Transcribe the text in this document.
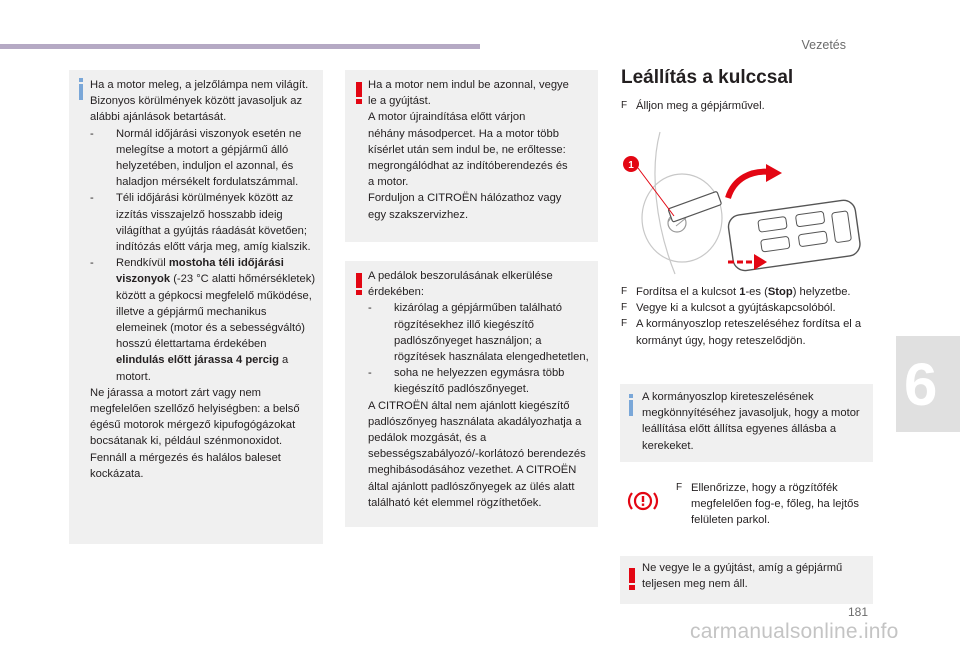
Vezetés
Ha a motor meleg, a jelzőlámpa nem világít. Bizonyos körülmények között javasoljuk az alábbi ajánlások betartását.
- Normál időjárási viszonyok esetén ne melegítse a motort a gépjármű álló helyzetében, induljon el azonnal, és haladjon mérsékelt fordulatszámmal.
- Téli időjárási körülmények között az izzítás visszajelző hosszabb ideig világíthat a gyújtás ráadását követően; indítózás előtt várja meg, amíg kialszik.
- Rendkívül mostoha téli időjárási viszonyok (-23 °C alatti hőmérsékletek) között a gépkocsi megfelelő működése, illetve a gépjármű mechanikus elemeinek (motor és a sebességváltó) hosszú élettartama érdekében elindulás előtt járassa 4 percig a motort.
Ne járassa a motort zárt vagy nem megfelelően szellőző helyiségben: a belső égésű motorok mérgező kipufogógázokat bocsátanak ki, például szénmonoxidot. Fennáll a mérgezés és halálos baleset kockázata.
Ha a motor nem indul be azonnal, vegye
le a gyújtást.
A motor újraindítása előtt várjon
néhány másodpercet. Ha a motor több
kísérlet után sem indul be, ne erőltesse:
megrongálódhat az indítóberendezés és
a motor.
Forduljon a CITROËN hálózathoz vagy
egy szakszervizhez.
A pedálok beszorulásának elkerülése érdekében:
- kizárólag a gépjárműben található rögzítésekhez illő kiegészítő padlószőnyeget használjon; a rögzítések használata elengedhetetlen,
- soha ne helyezzen egymásra több kiegészítő padlószőnyeget.
A CITROËN által nem ajánlott kiegészítő padlószőnyeg használata akadályozhatja a pedálok mozgását, és a sebességszabályozó/-korlátozó berendezés meghibásodásához vezethet. A CITROËN által ajánlott padlószőnyegek az ülés alatt található két elemmel rögzíthetőek.
Leállítás a kulccsal
F Álljon meg a gépjárművel.
1
F Fordítsa el a kulcsot 1-es (Stop) helyzetbe.
F Vegye ki a kulcsot a gyújtáskapcsolóból.
F A kormányoszlop reteszeléséhez fordítsa el a kormányt úgy, hogy reteszelődjön.
A kormányoszlop kireteszelésének megkönnyítéséhez javasoljuk, hogy a motor leállítása előtt állítsa egyenes állásba a kerekeket.
F Ellenőrizze, hogy a rögzítőfék megfelelően fog-e, főleg, ha lejtős felületen parkol.
Ne vegye le a gyújtást, amíg a gépjármű teljesen meg nem áll.
6
181
carmanualsonline.info
